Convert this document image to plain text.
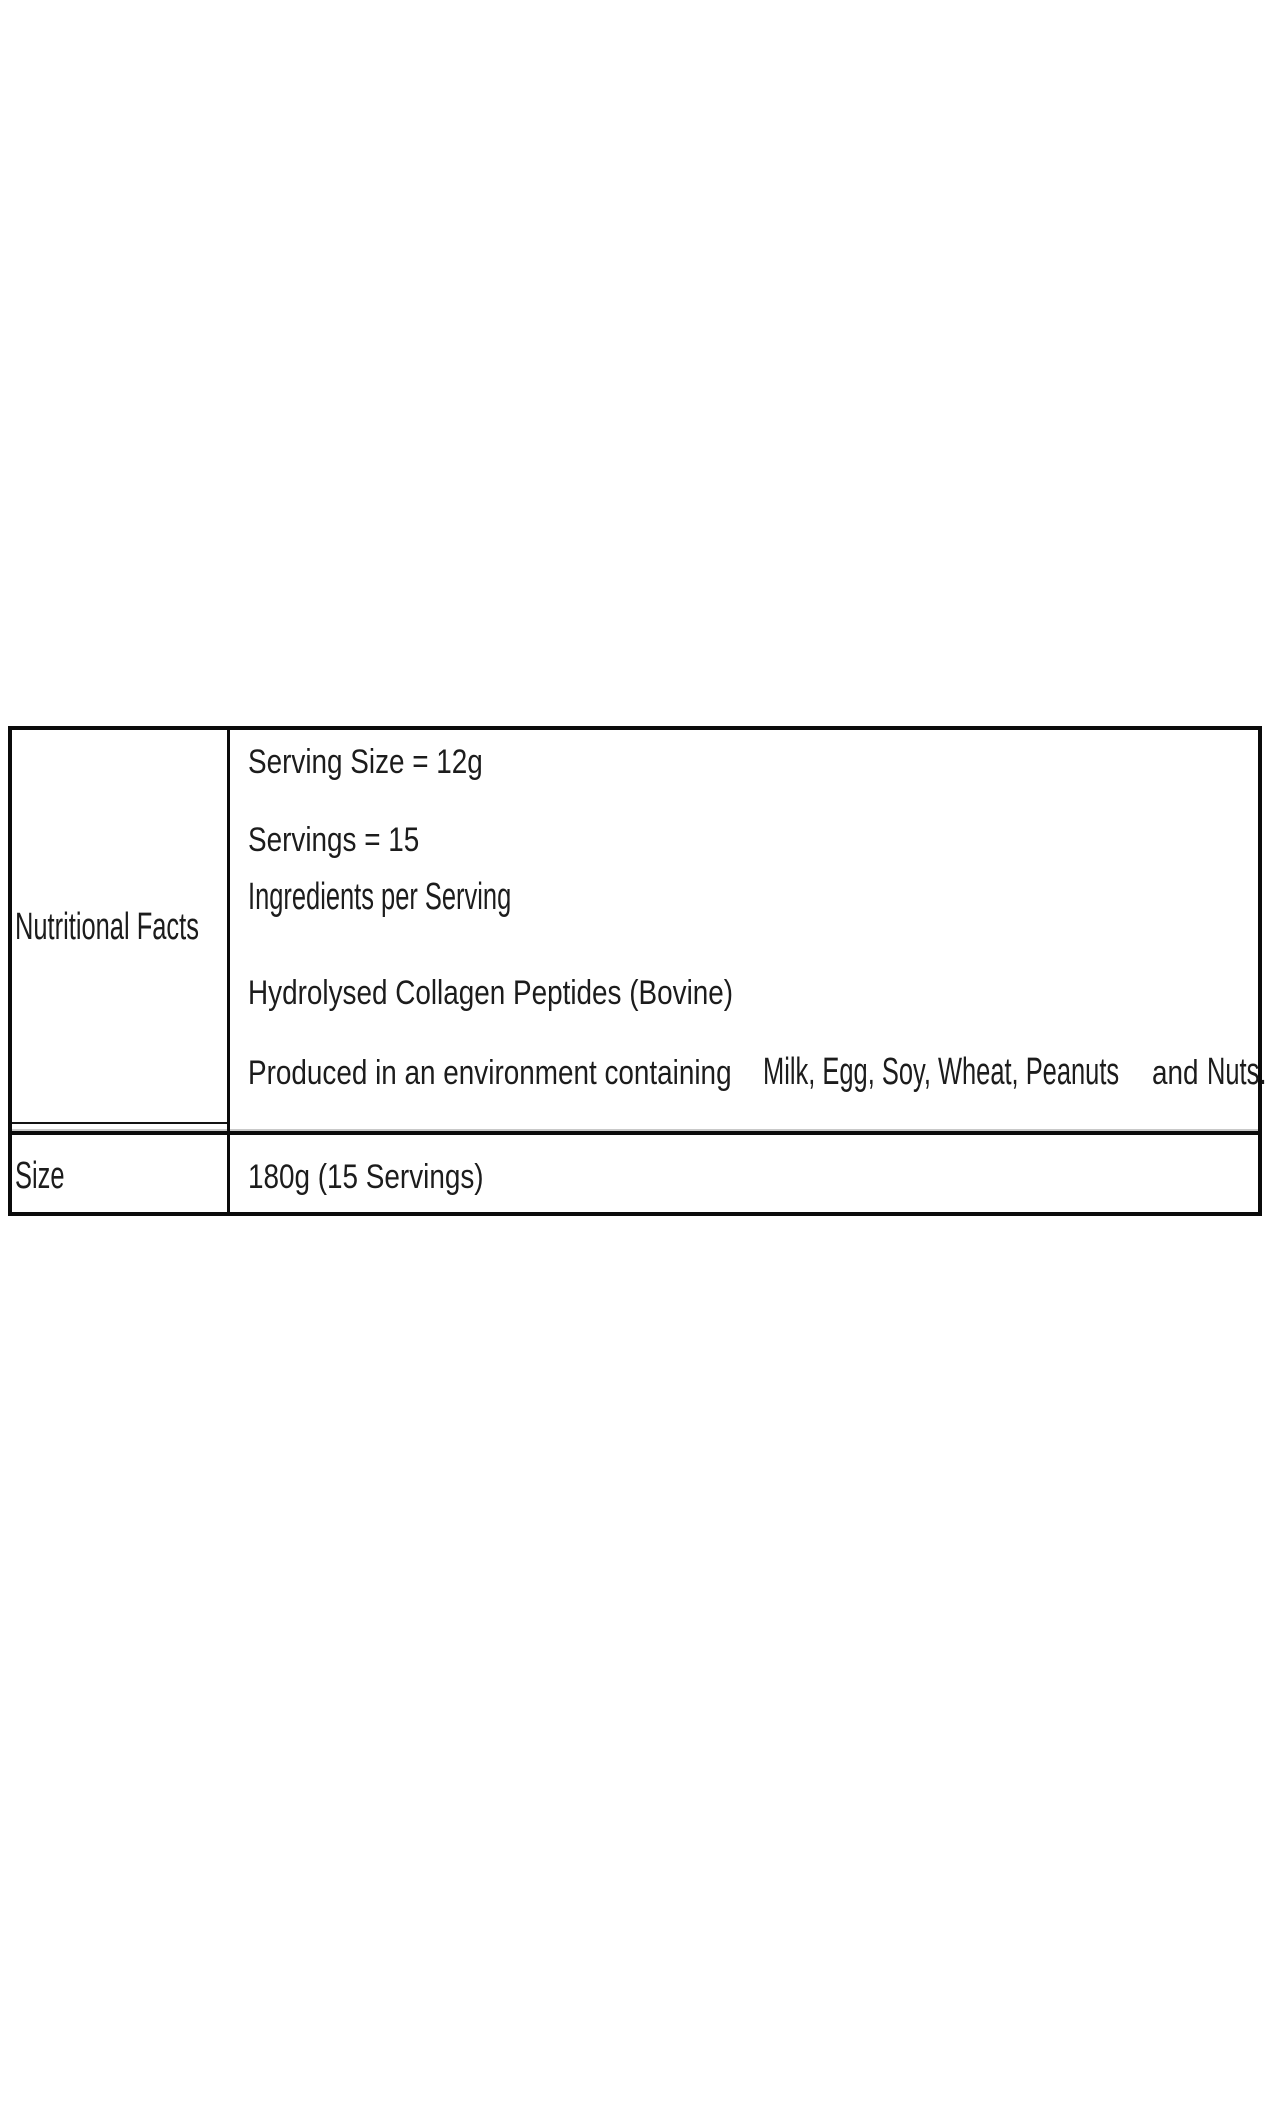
Nutritional Facts
Serving Size = 12g
Servings = 15
Ingredients per Serving
Hydrolysed Collagen Peptides (Bovine)
Produced in an environment containing Milk, Egg, Soy, Wheat, Peanuts and Nuts.
Size	180g (15 Servings)
